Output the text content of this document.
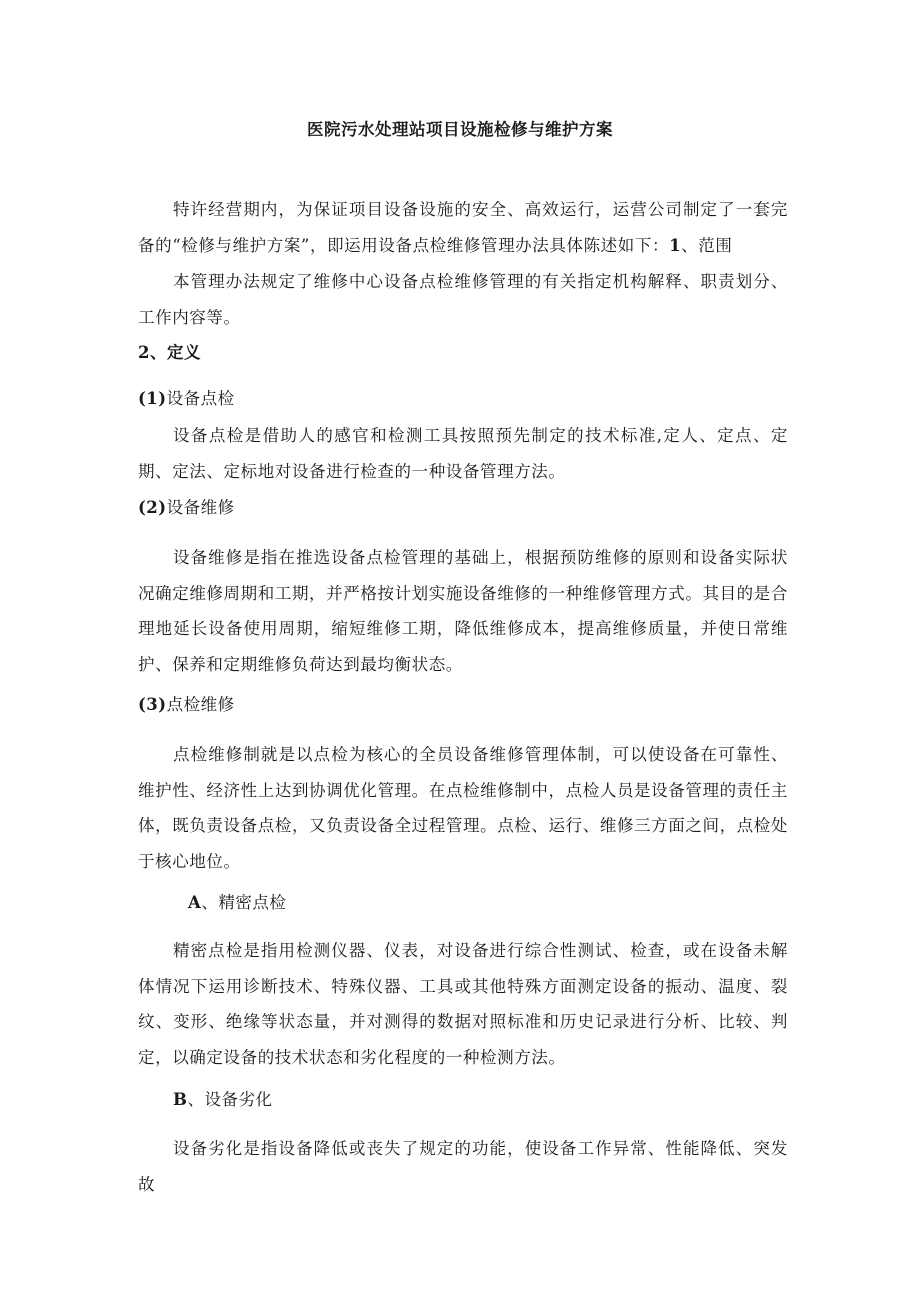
医院污水处理站项目设施检修与维护方案

特许经营期内，为保证项目设备设施的安全、高效运行，运营公司制定了一套完备的“检修与维护方案”，即运用设备点检维修管理办法具体陈述如下：1、范围

本管理办法规定了维修中心设备点检维修管理的有关指定机构解释、职责划分、工作内容等。

2、定义
(1)设备点检

设备点检是借助人的感官和检测工具按照预先制定的技术标准,定人、定点、定期、定法、定标地对设备进行检查的一种设备管理方法。

(2)设备维修

设备维修是指在推选设备点检管理的基础上，根据预防维修的原则和设备实际状况确定维修周期和工期，并严格按计划实施设备维修的一种维修管理方式。其目的是合理地延长设备使用周期，缩短维修工期，降低维修成本，提高维修质量，并使日常维护、保养和定期维修负荷达到最均衡状态。

(3)点检维修

点检维修制就是以点检为核心的全员设备维修管理体制，可以使设备在可靠性、维护性、经济性上达到协调优化管理。在点检维修制中，点检人员是设备管理的责任主体，既负责设备点检，又负责设备全过程管理。点检、运行、维修三方面之间，点检处于核心地位。

A、精密点检

精密点检是指用检测仪器、仪表，对设备进行综合性测试、检查，或在设备未解体情况下运用诊断技术、特殊仪器、工具或其他特殊方面测定设备的振动、温度、裂纹、变形、绝缘等状态量，并对测得的数据对照标准和历史记录进行分析、比较、判定，以确定设备的技术状态和劣化程度的一种检测方法。

B、设备劣化

设备劣化是指设备降低或丧失了规定的功能，使设备工作异常、性能降低、突发故
